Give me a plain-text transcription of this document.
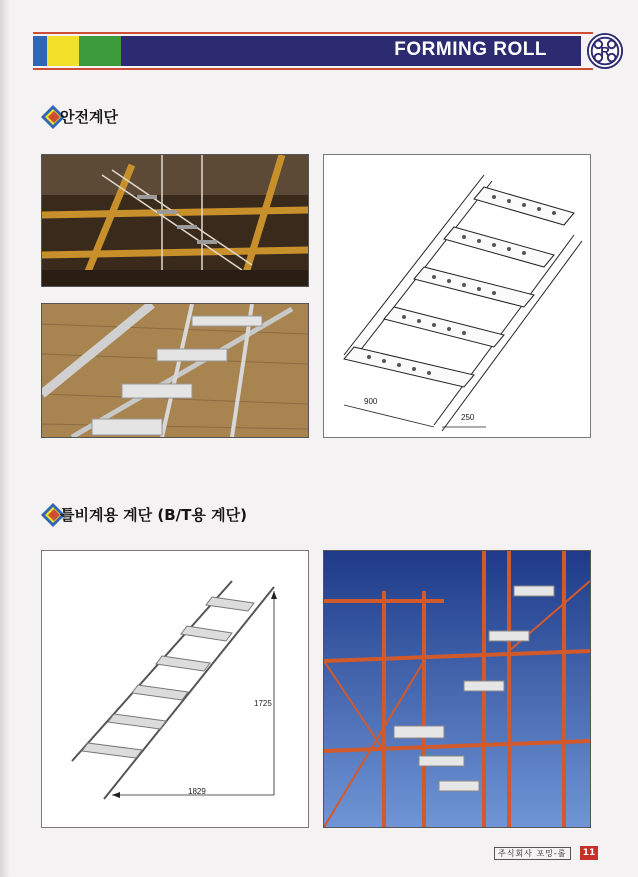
FORMING ROLL	R
안전계단
900
250
틀비계용 계단 (B/T용 계단)
1725
1829
주식회사 포밍-롤	11
